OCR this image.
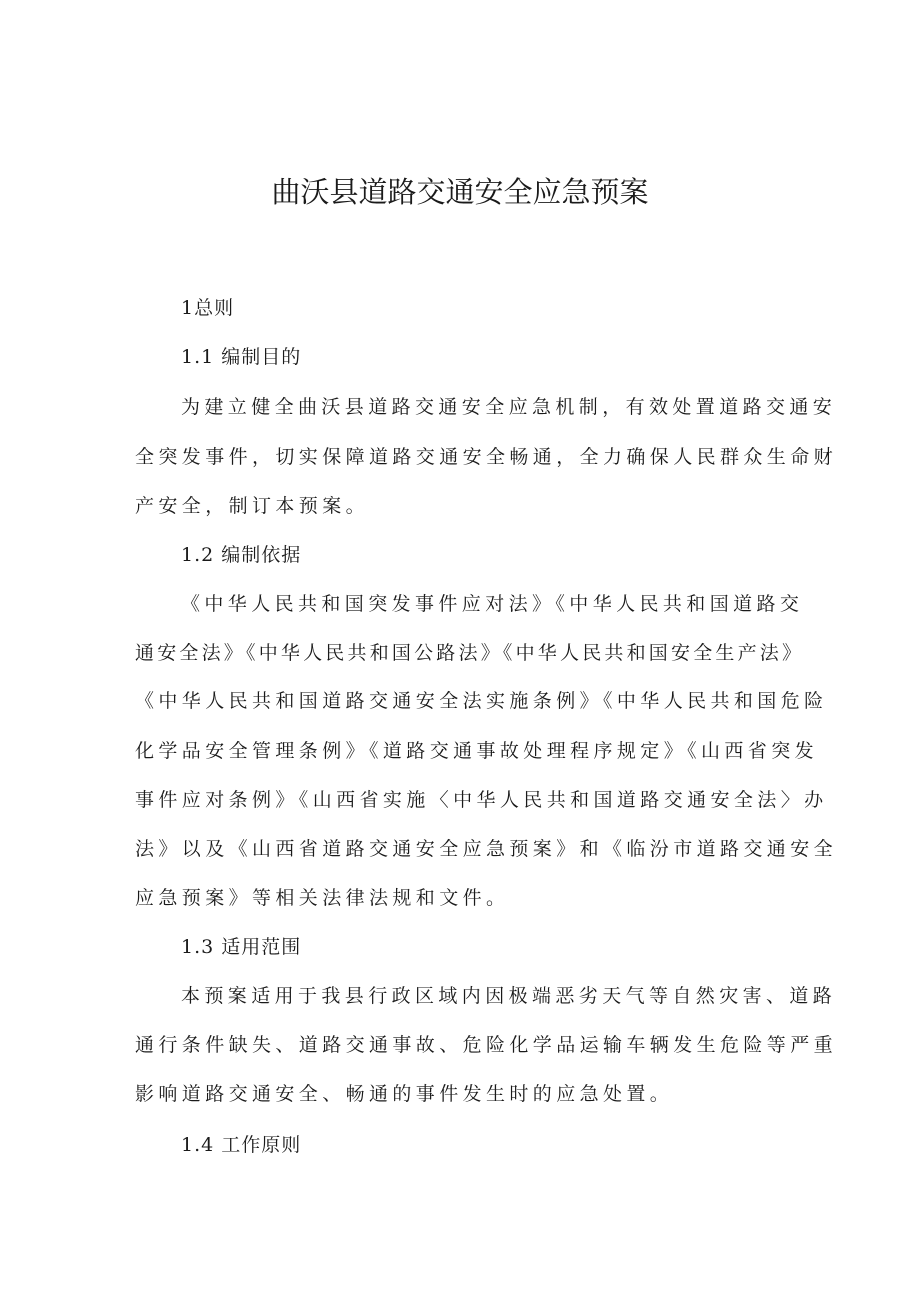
曲沃县道路交通安全应急预案

1总则

1.1 编制目的

为建立健全曲沃县道路交通安全应急机制，有效处置道路交通安

全突发事件，切实保障道路交通安全畅通，全力确保人民群众生命财

产安全，制订本预案。

1.2 编制依据

《中华人民共和国突发事件应对法》《中华人民共和国道路交

通安全法》《中华人民共和国公路法》《中华人民共和国安全生产法》

《中华人民共和国道路交通安全法实施条例》《中华人民共和国危险

化学品安全管理条例》《道路交通事故处理程序规定》《山西省突发

事件应对条例》《山西省实施〈中华人民共和国道路交通安全法〉办

法》以及《山西省道路交通安全应急预案》和《临汾市道路交通安全

应急预案》等相关法律法规和文件。

1.3 适用范围

本预案适用于我县行政区域内因极端恶劣天气等自然灾害、道路

通行条件缺失、道路交通事故、危险化学品运输车辆发生危险等严重

影响道路交通安全、畅通的事件发生时的应急处置。

1.4 工作原则
